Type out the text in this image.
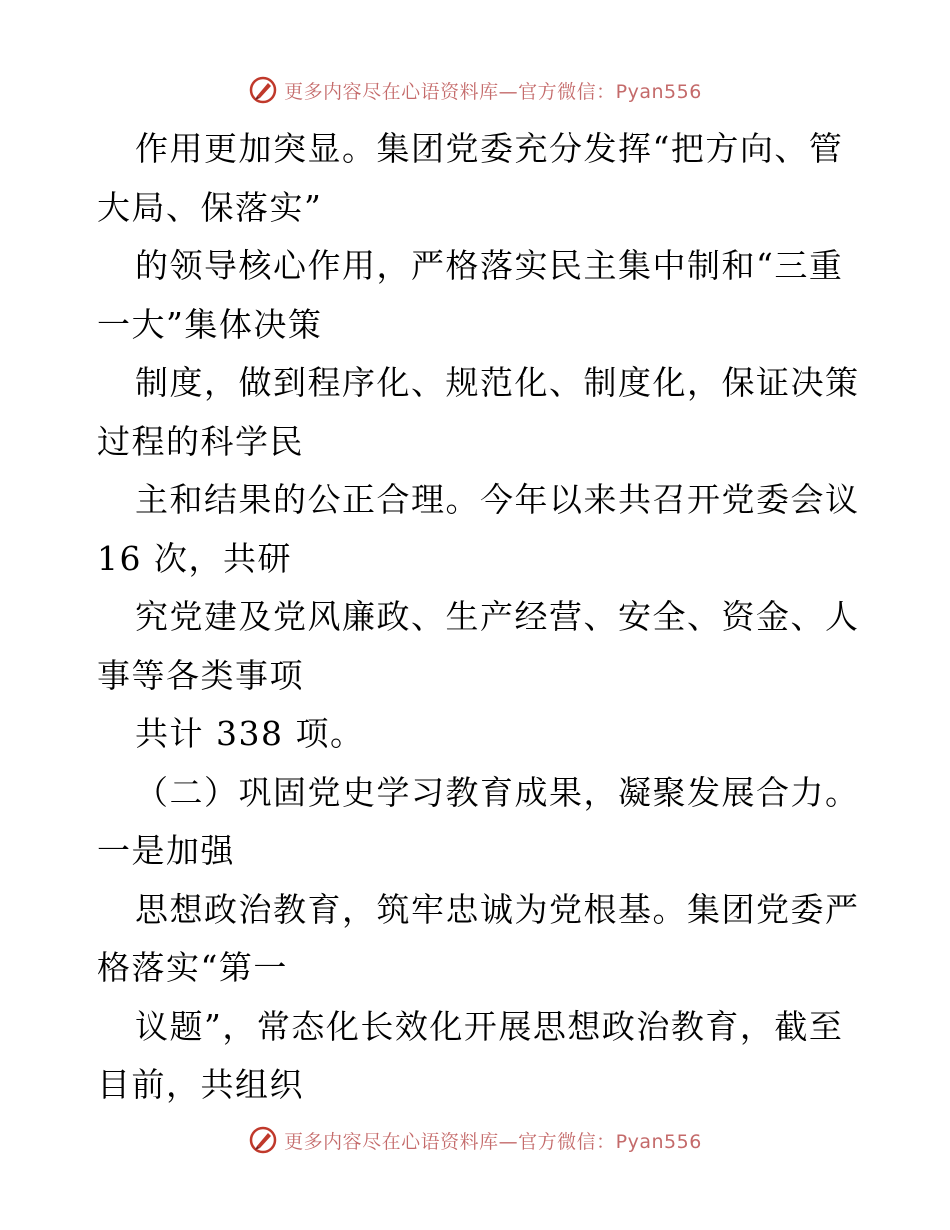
更多内容尽在心语资料库—官方微信：Pyan556
作用更加突显。集团党委充分发挥“把方向、管
大局、保落实”
的领导核心作用，严格落实民主集中制和“三重
一大”集体决策
制度，做到程序化、规范化、制度化，保证决策
过程的科学民
主和结果的公正合理。今年以来共召开党委会议
16 次，共研
究党建及党风廉政、生产经营、安全、资金、人
事等各类事项
共计 338 项。
（二）巩固党史学习教育成果，凝聚发展合力。
一是加强
思想政治教育，筑牢忠诚为党根基。集团党委严
格落实“第一
议题”，常态化长效化开展思想政治教育，截至
目前，共组织
更多内容尽在心语资料库—官方微信：Pyan556
